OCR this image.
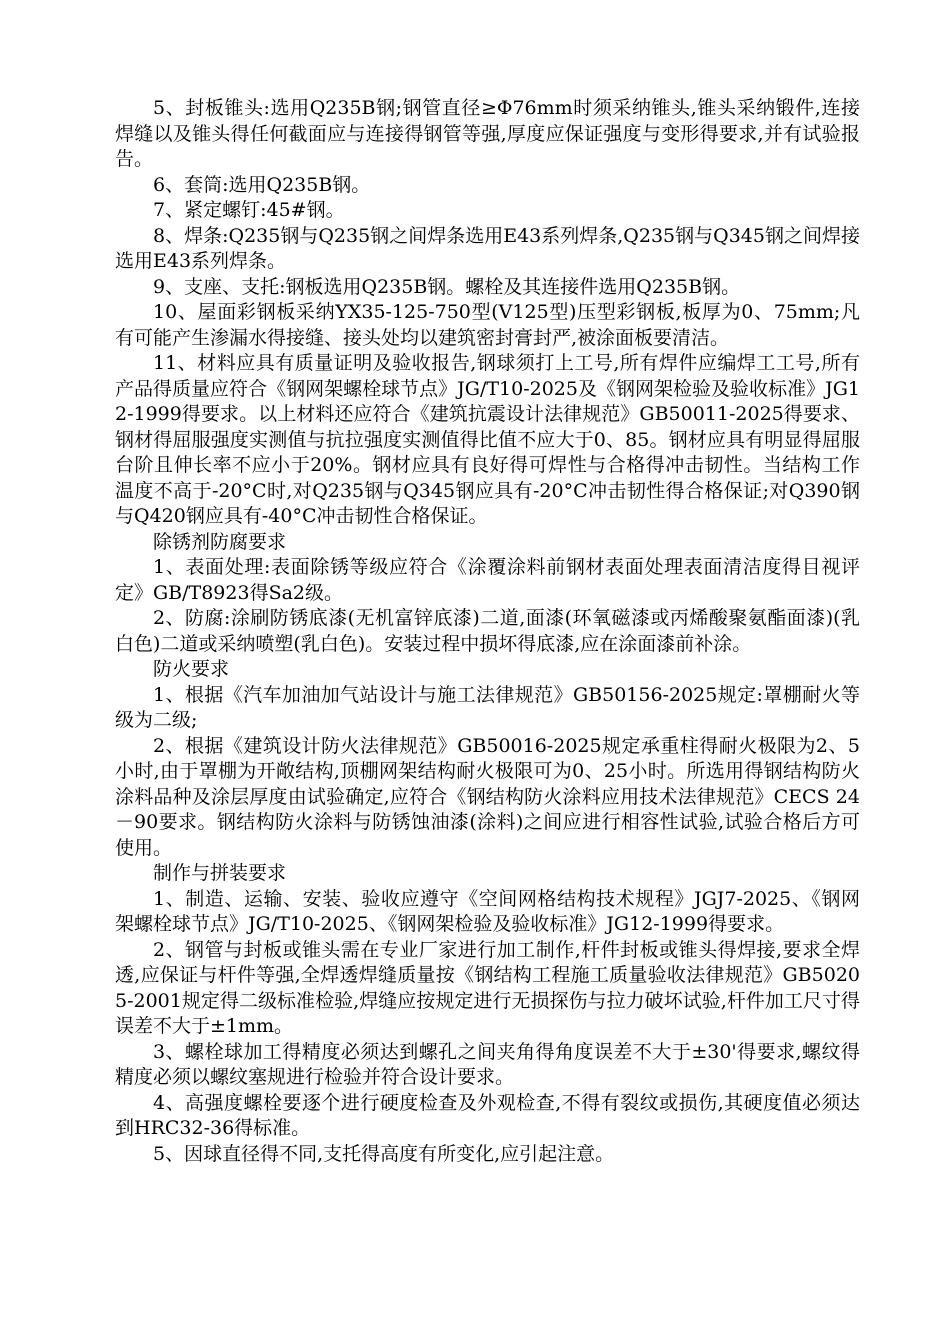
5、封板锥头:选用Q235B钢;钢管直径≥Φ76mm时须采纳锥头,锥头采纳锻件,连接焊缝以及锥头得任何截面应与连接得钢管等强,厚度应保证强度与变形得要求,并有试验报告。

6、套筒:选用Q235B钢。

7、紧定螺钉:45#钢。

8、焊条:Q235钢与Q235钢之间焊条选用E43系列焊条,Q235钢与Q345钢之间焊接选用E43系列焊条。

9、支座、支托:钢板选用Q235B钢。螺栓及其连接件选用Q235B钢。

10、屋面彩钢板采纳YX35-125-750型(V125型)压型彩钢板,板厚为0、75mm;凡有可能产生渗漏水得接缝、接头处均以建筑密封膏封严,被涂面板要清洁。

11、材料应具有质量证明及验收报告,钢球须打上工号,所有焊件应编焊工工号,所有产品得质量应符合《钢网架螺栓球节点》JG/T10-2025及《钢网架检验及验收标准》JG12-1999得要求。以上材料还应符合《建筑抗震设计法律规范》GB50011-2025得要求、钢材得屈服强度实测值与抗拉强度实测值得比值不应大于0、85。钢材应具有明显得屈服台阶且伸长率不应小于20%。钢材应具有良好得可焊性与合格得冲击韧性。当结构工作温度不高于-20°C时,对Q235钢与Q345钢应具有-20°C冲击韧性得合格保证;对Q390钢与Q420钢应具有-40°C冲击韧性合格保证。

除锈剂防腐要求

1、表面处理:表面除锈等级应符合《涂覆涂料前钢材表面处理表面清洁度得目视评定》GB/T8923得Sa2级。

2、防腐:涂刷防锈底漆(无机富锌底漆)二道,面漆(环氧磁漆或丙烯酸聚氨酯面漆)(乳白色)二道或采纳喷塑(乳白色)。安装过程中损坏得底漆,应在涂面漆前补涂。

防火要求

1、根据《汽车加油加气站设计与施工法律规范》GB50156-2025规定:罩棚耐火等级为二级;

2、根据《建筑设计防火法律规范》GB50016-2025规定承重柱得耐火极限为2、5小时,由于罩棚为开敞结构,顶棚网架结构耐火极限可为0、25小时。所选用得钢结构防火涂料品种及涂层厚度由试验确定,应符合《钢结构防火涂料应用技术法律规范》CECS 24－90要求。钢结构防火涂料与防锈蚀油漆(涂料)之间应进行相容性试验,试验合格后方可使用。

制作与拼装要求

1、制造、运输、安装、验收应遵守《空间网格结构技术规程》JGJ7-2025、《钢网架螺栓球节点》JG/T10-2025、《钢网架检验及验收标准》JG12-1999得要求。

2、钢管与封板或锥头需在专业厂家进行加工制作,杆件封板或锥头得焊接,要求全焊透,应保证与杆件等强,全焊透焊缝质量按《钢结构工程施工质量验收法律规范》GB50205-2001规定得二级标准检验,焊缝应按规定进行无损探伤与拉力破坏试验,杆件加工尺寸得误差不大于±1mm。

3、螺栓球加工得精度必须达到螺孔之间夹角得角度误差不大于±30'得要求,螺纹得精度必须以螺纹塞规进行检验并符合设计要求。

4、高强度螺栓要逐个进行硬度检查及外观检查,不得有裂纹或损伤,其硬度值必须达到HRC32-36得标准。

5、因球直径得不同,支托得高度有所变化,应引起注意。
